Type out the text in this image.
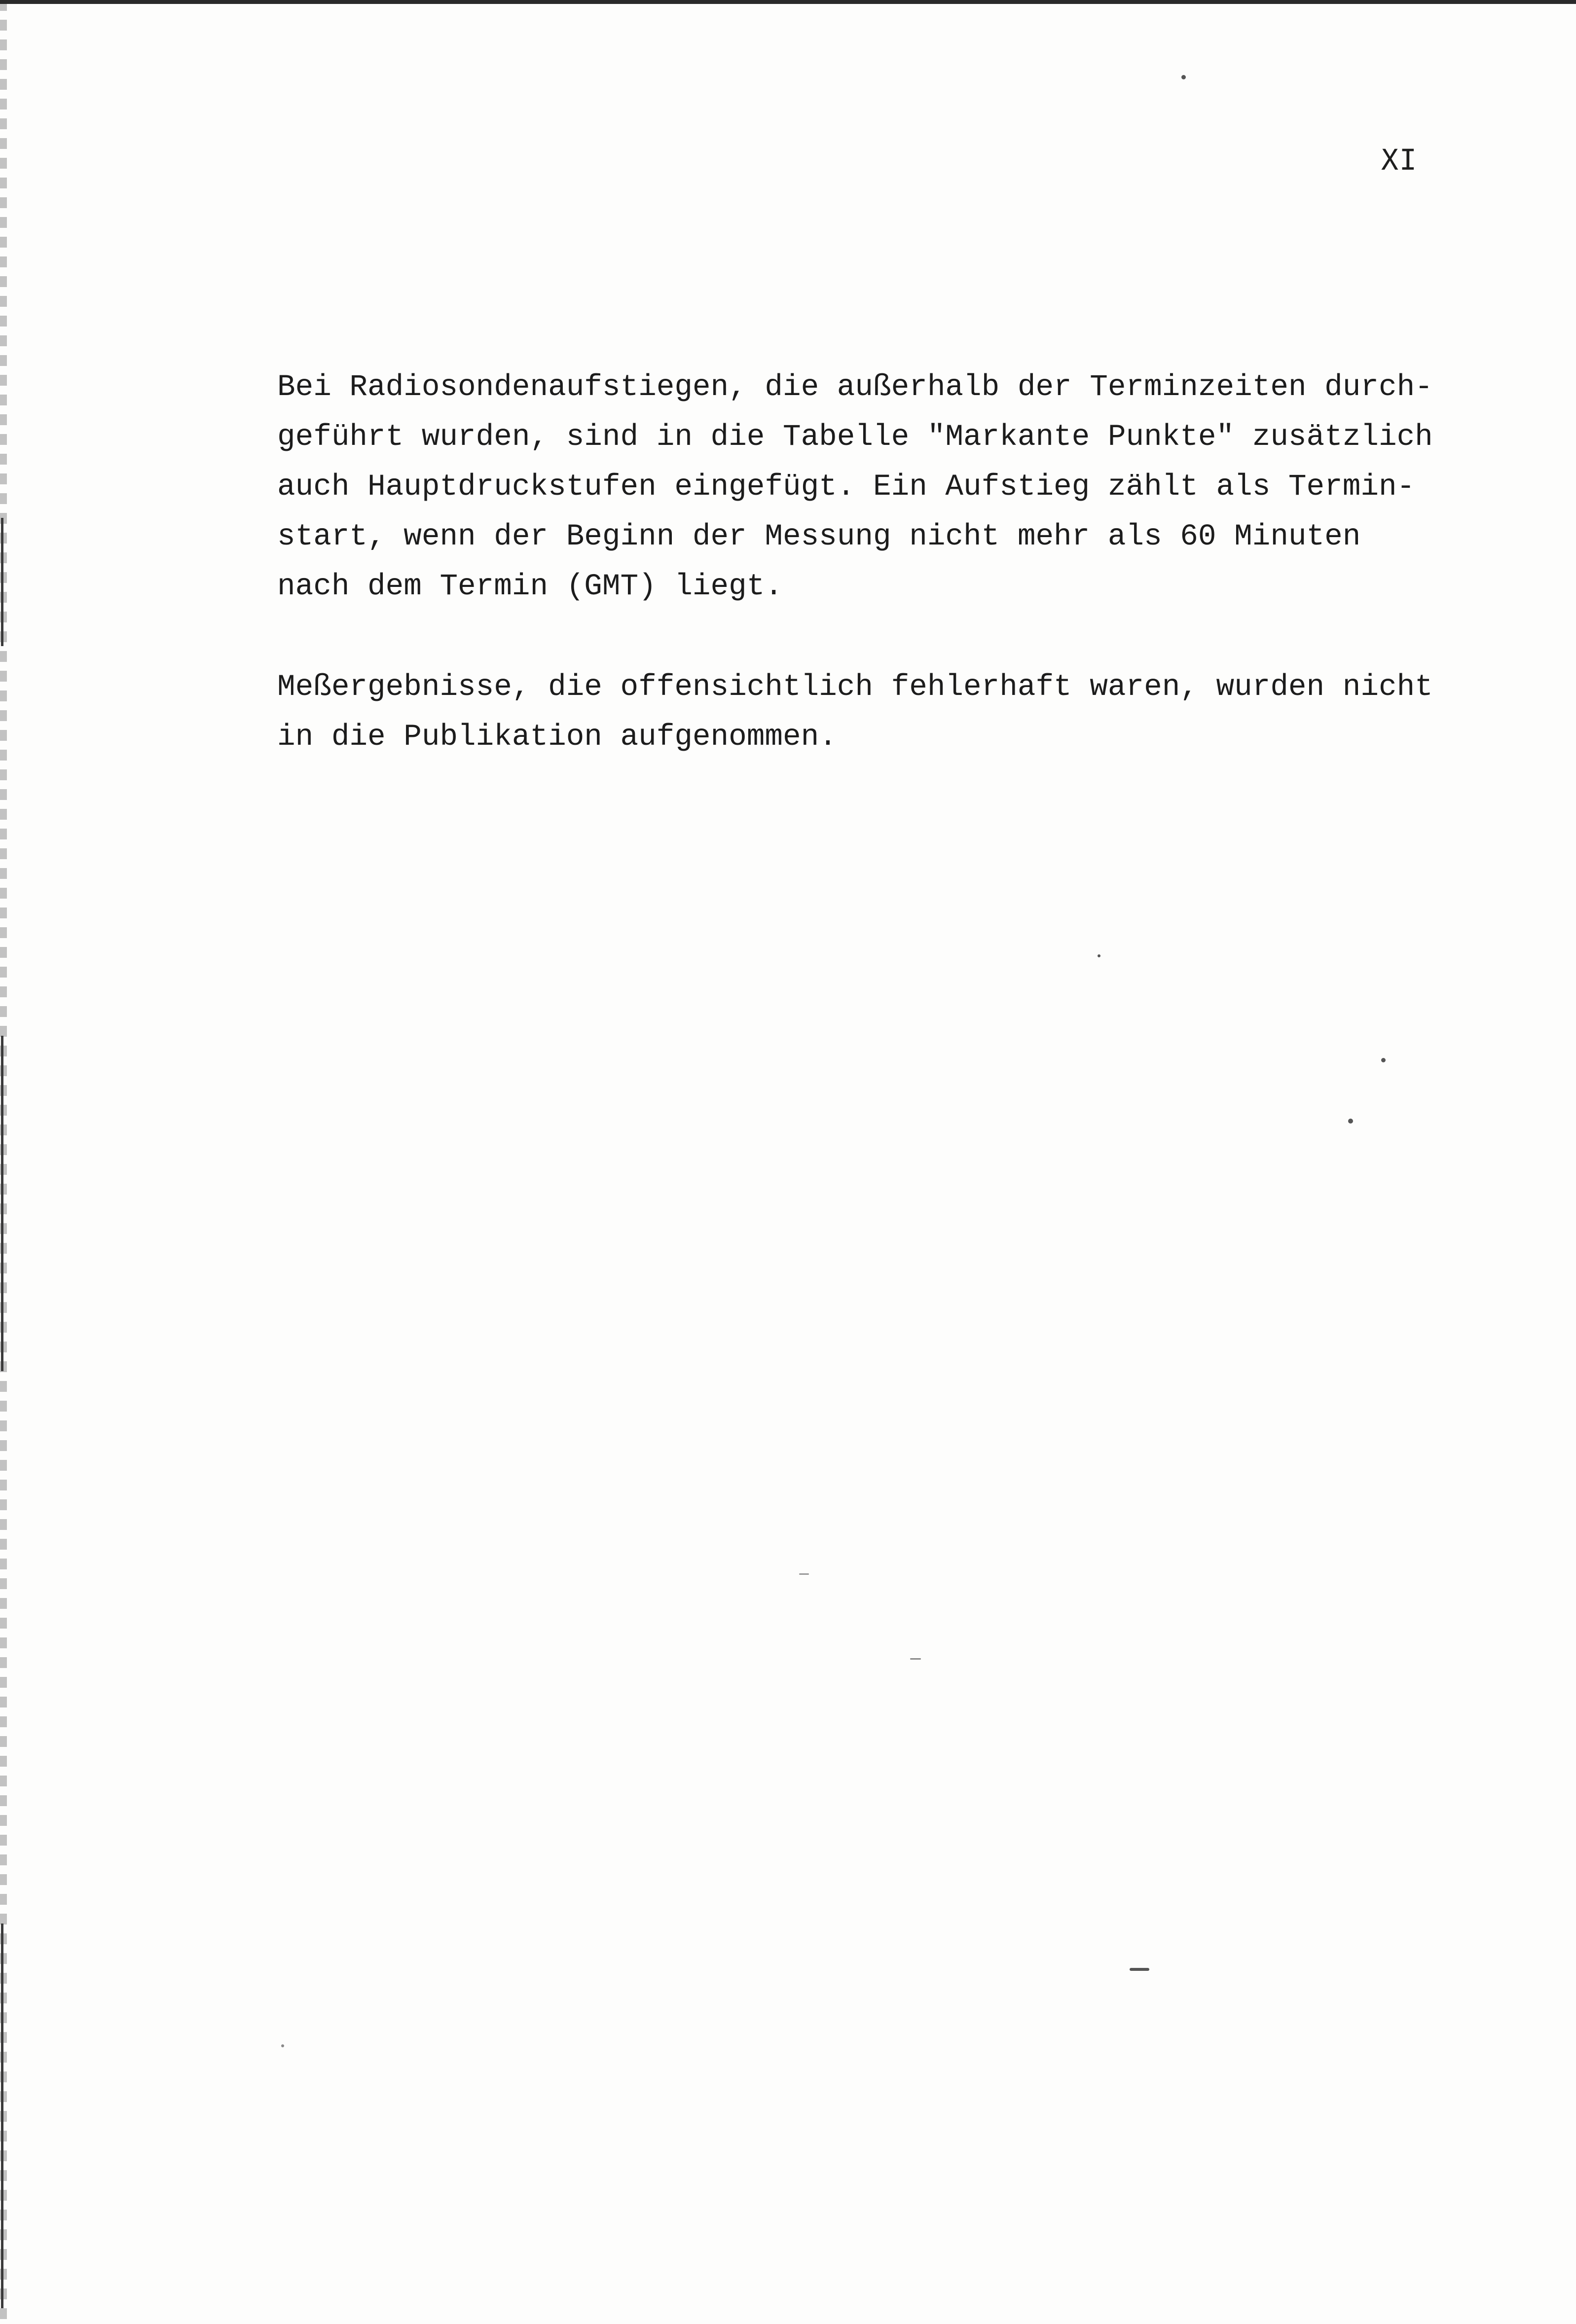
XI

Bei Radiosondenaufstiegen, die außerhalb der Terminzeiten durch-
geführt wurden, sind in die Tabelle "Markante Punkte" zusätzlich
auch Hauptdruckstufen eingefügt. Ein Aufstieg zählt als Termin-
start, wenn der Beginn der Messung nicht mehr als 60 Minuten
nach dem Termin (GMT) liegt.

Meßergebnisse, die offensichtlich fehlerhaft waren, wurden nicht
in die Publikation aufgenommen.
